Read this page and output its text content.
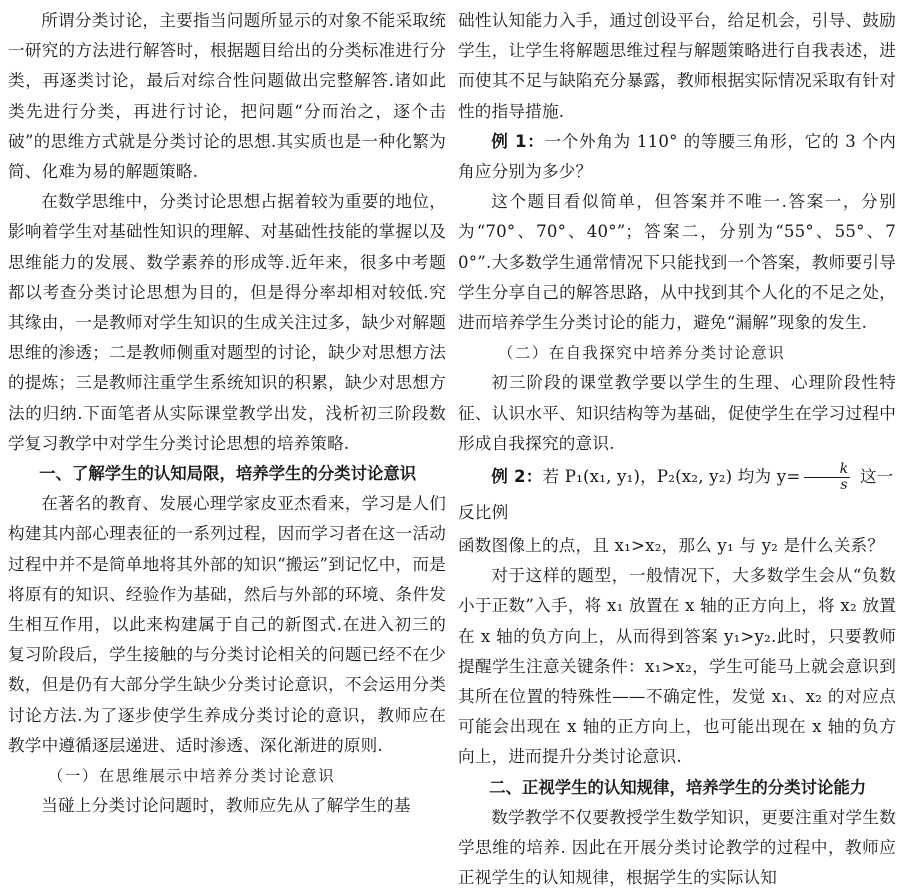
所谓分类讨论，主要指当问题所显示的对象不能采取统一研究的方法进行解答时，根据题目给出的分类标准进行分类，再逐类讨论，最后对综合性问题做出完整解答.诸如此类先进行分类，再进行讨论，把问题“分而治之，逐个击破”的思维方式就是分类讨论的思想.其实质也是一种化繁为简、化难为易的解题策略.

在数学思维中，分类讨论思想占据着较为重要的地位，影响着学生对基础性知识的理解、对基础性技能的掌握以及思维能力的发展、数学素养的形成等.近年来，很多中考题都以考查分类讨论思想为目的，但是得分率却相对较低.究其缘由，一是教师对学生知识的生成关注过多，缺少对解题思维的渗透；二是教师侧重对题型的讨论，缺少对思想方法的提炼；三是教师注重学生系统知识的积累，缺少对思想方法的归纳.下面笔者从实际课堂教学出发，浅析初三阶段数学复习教学中对学生分类讨论思想的培养策略.

一、了解学生的认知局限，培养学生的分类讨论意识

在著名的教育、发展心理学家皮亚杰看来，学习是人们构建其内部心理表征的一系列过程，因而学习者在这一活动过程中并不是简单地将其外部的知识“搬运”到记忆中，而是将原有的知识、经验作为基础，然后与外部的环境、条件发生相互作用，以此来构建属于自己的新图式.在进入初三的复习阶段后，学生接触的与分类讨论相关的问题已经不在少数，但是仍有大部分学生缺少分类讨论意识，不会运用分类讨论方法.为了逐步使学生养成分类讨论的意识，教师应在教学中遵循逐层递进、适时渗透、深化渐进的原则.

（一）在思维展示中培养分类讨论意识

当碰上分类讨论问题时，教师应先从了解学生的基

础性认知能力入手，通过创设平台，给足机会，引导、鼓励学生，让学生将解题思维过程与解题策略进行自我表述，进而使其不足与缺陷充分暴露，教师根据实际情况采取有针对性的指导措施.

例 1：一个外角为 110° 的等腰三角形，它的 3 个内角应分别为多少？

这个题目看似简单，但答案并不唯一.答案一，分别为“70°、70°、40°”；答案二，分别为“55°、55°、70°”.大多数学生通常情况下只能找到一个答案，教师要引导学生分享自己的解答思路，从中找到其个人化的不足之处，进而培养学生分类讨论的能力，避免“漏解”现象的发生.

（二）在自我探究中培养分类讨论意识

初三阶段的课堂教学要以学生的生理、心理阶段性特征、认识水平、知识结构等为基础，促使学生在学习过程中形成自我探究的意识.

例 2：若 P₁(x₁, y₁)，P₂(x₂, y₂) 均为 $y= \frac{k}{s}$ 这一反比例

函数图像上的点，且 x₁>x₂，那么 y₁ 与 y₂ 是什么关系？

对于这样的题型，一般情况下，大多数学生会从“负数小于正数”入手，将 x₁ 放置在 x 轴的正方向上，将 x₂ 放置在 x 轴的负方向上，从而得到答案 y₁>y₂.此时，只要教师提醒学生注意关键条件：x₁>x₂，学生可能马上就会意识到其所在位置的特殊性——不确定性，发觉 x₁、x₂ 的对应点可能会出现在 x 轴的正方向上，也可能出现在 x 轴的负方向上，进而提升分类讨论意识.

二、正视学生的认知规律，培养学生的分类讨论能力

数学教学不仅要教授学生数学知识，更要注重对学生数学思维的培养. 因此在开展分类讨论教学的过程中，教师应正视学生的认知规律，根据学生的实际认知
